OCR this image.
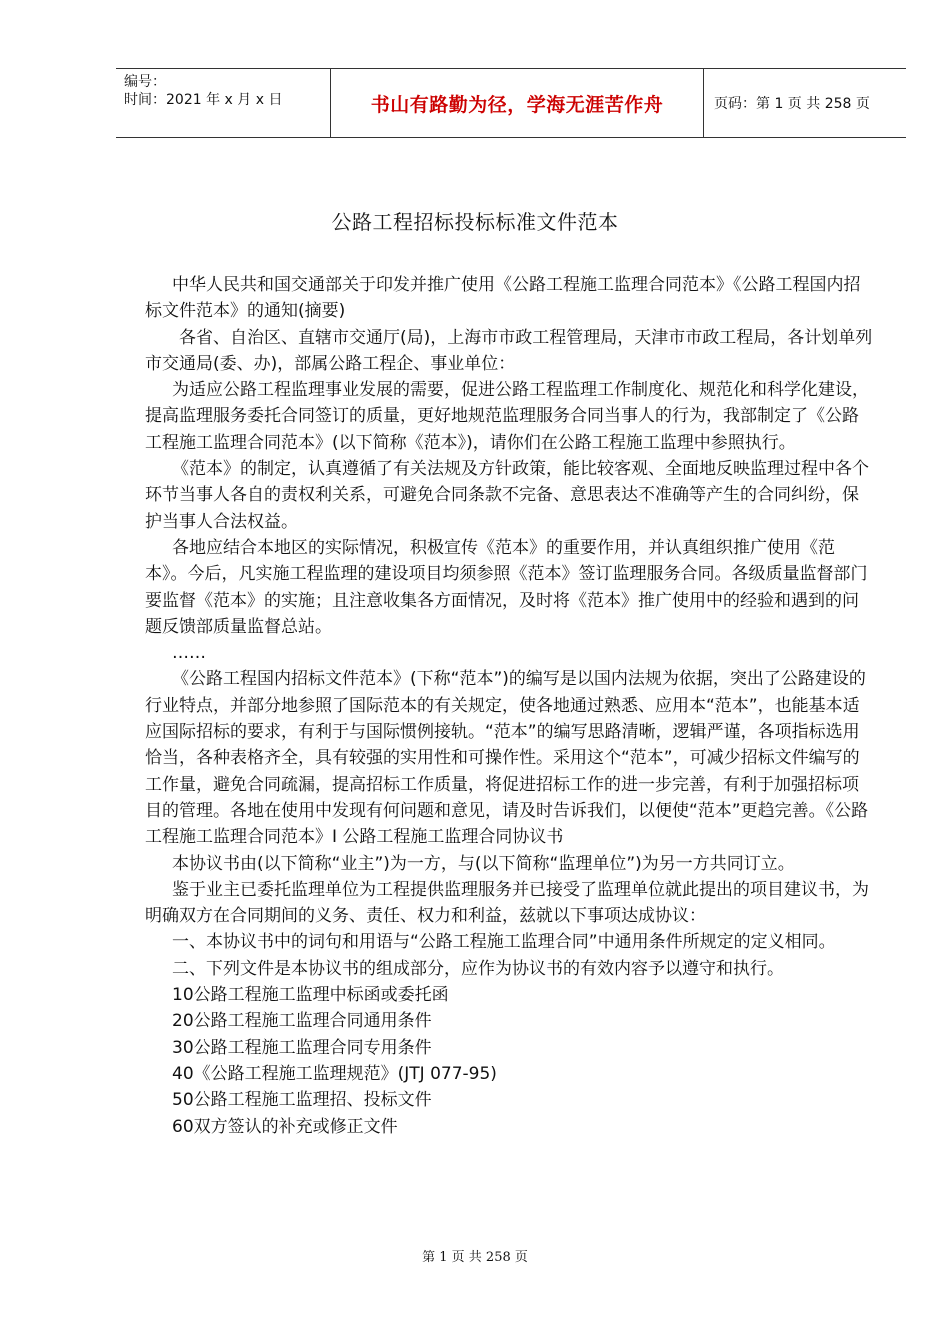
编号：
时间：2021 年 x 月 x 日	书山有路勤为径，学海无涯苦作舟	页码：第 1 页 共 258 页
公路工程招标投标标准文件范本

中华人民共和国交通部关于印发并推广使用《公路工程施工监理合同范本》《公路工程国内招标文件范本》的通知(摘要)

各省、自治区、直辖市交通厅(局)，上海市市政工程管理局，天津市市政工程局，各计划单列市交通局(委、办)，部属公路工程企、事业单位：

为适应公路工程监理事业发展的需要，促进公路工程监理工作制度化、规范化和科学化建设，提高监理服务委托合同签订的质量，更好地规范监理服务合同当事人的行为，我部制定了《公路工程施工监理合同范本》(以下简称《范本》)，请你们在公路工程施工监理中参照执行。

《范本》的制定，认真遵循了有关法规及方针政策，能比较客观、全面地反映监理过程中各个环节当事人各自的责权利关系，可避免合同条款不完备、意思表达不准确等产生的合同纠纷，保护当事人合法权益。

各地应结合本地区的实际情况，积极宣传《范本》的重要作用，并认真组织推广使用《范本》。今后，凡实施工程监理的建设项目均须参照《范本》签订监理服务合同。各级质量监督部门要监督《范本》的实施；且注意收集各方面情况，及时将《范本》推广使用中的经验和遇到的问题反馈部质量监督总站。

……

《公路工程国内招标文件范本》(下称“范本”)的编写是以国内法规为依据，突出了公路建设的行业特点，并部分地参照了国际范本的有关规定，使各地通过熟悉、应用本“范本”，也能基本适应国际招标的要求，有利于与国际惯例接轨。“范本”的编写思路清晰，逻辑严谨，各项指标选用恰当，各种表格齐全，具有较强的实用性和可操作性。采用这个“范本”，可减少招标文件编写的工作量，避免合同疏漏，提高招标工作质量，将促进招标工作的进一步完善，有利于加强招标项目的管理。各地在使用中发现有何问题和意见，请及时告诉我们，以便使“范本”更趋完善。《公路工程施工监理合同范本》I 公路工程施工监理合同协议书

本协议书由(以下简称“业主”)为一方，与(以下简称“监理单位”)为另一方共同订立。

鉴于业主已委托监理单位为工程提供监理服务并已接受了监理单位就此提出的项目建议书，为明确双方在合同期间的义务、责任、权力和利益，兹就以下事项达成协议：

一、本协议书中的词句和用语与“公路工程施工监理合同”中通用条件所规定的定义相同。

二、下列文件是本协议书的组成部分，应作为协议书的有效内容予以遵守和执行。

10公路工程施工监理中标函或委托函

20公路工程施工监理合同通用条件

30公路工程施工监理合同专用条件

40《公路工程施工监理规范》(JTJ 077-95)

50公路工程施工监理招、投标文件

60双方签认的补充或修正文件

第 1 页 共 258 页
